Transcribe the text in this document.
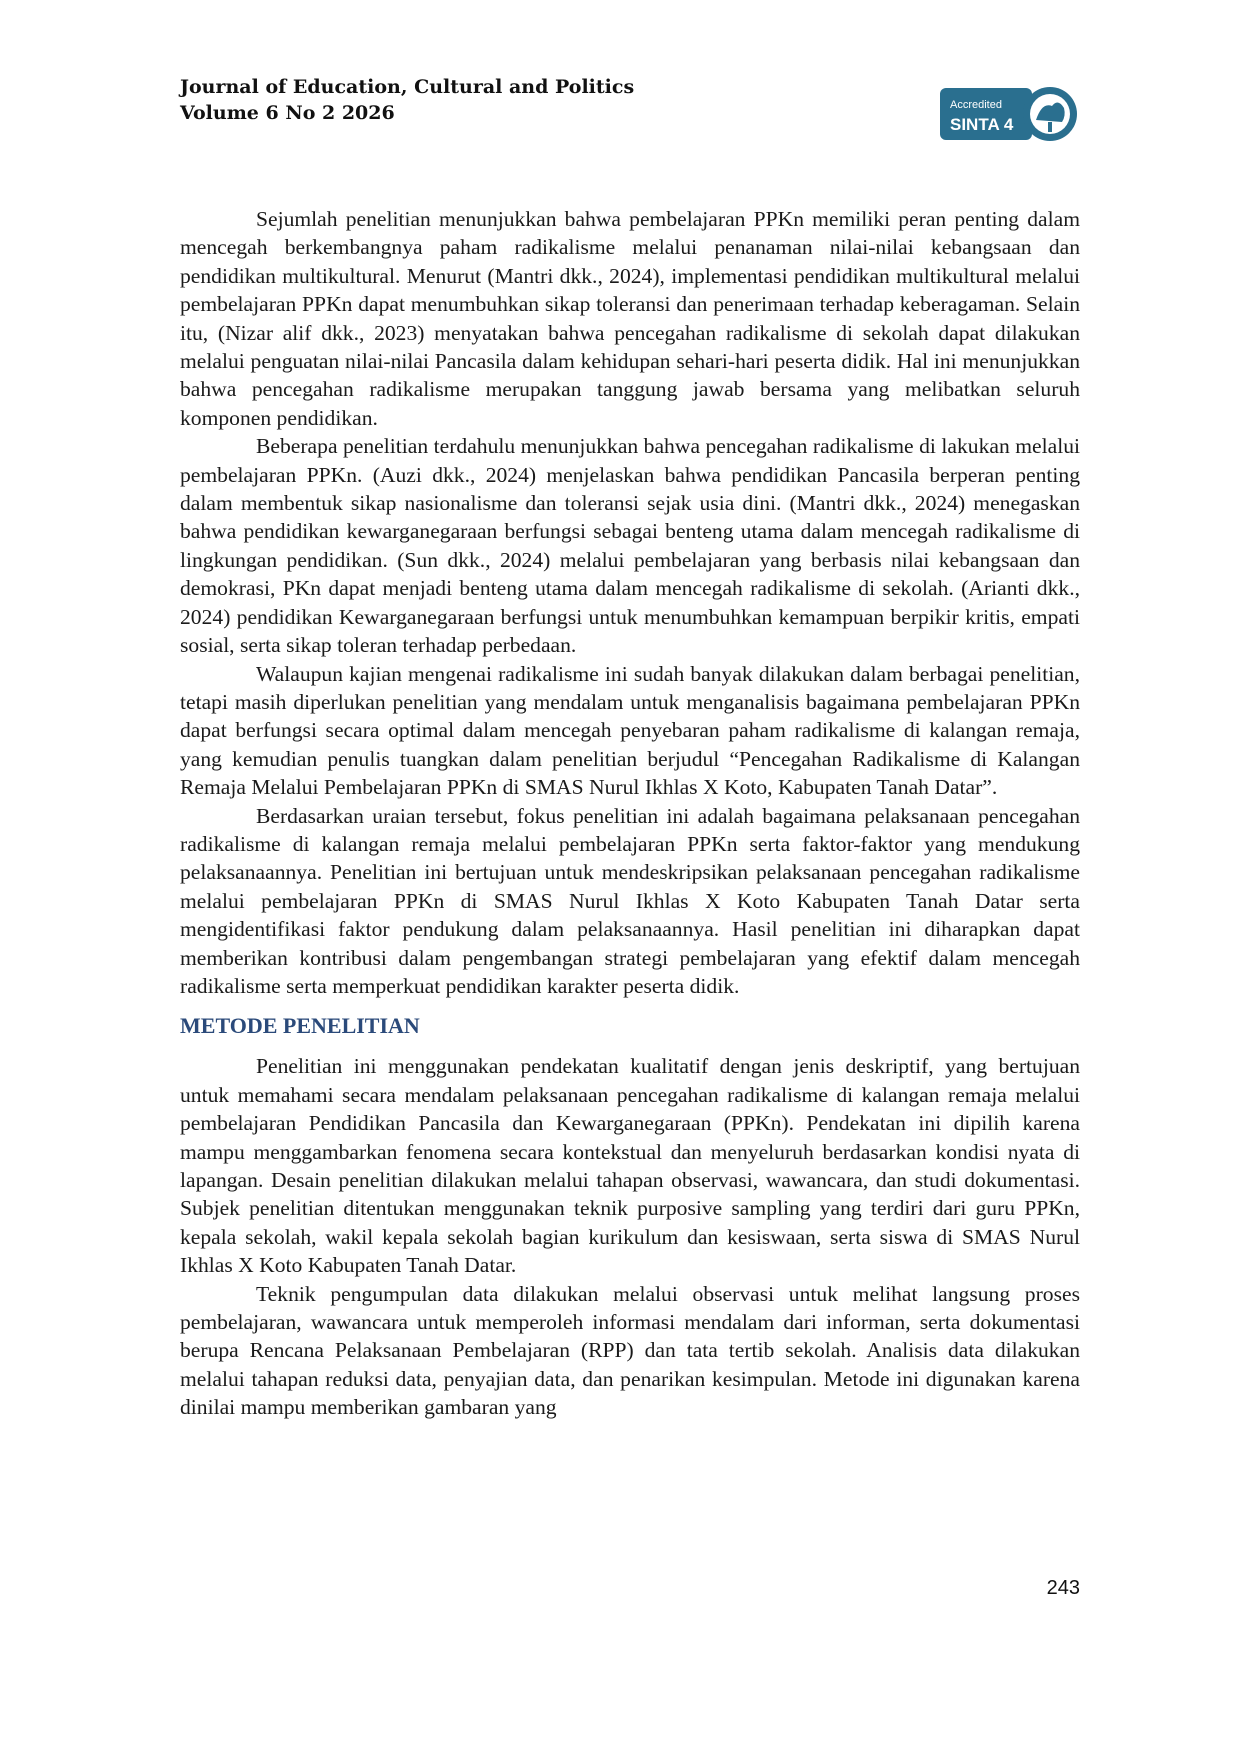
Journal of Education, Cultural and Politics
Volume 6 No 2 2026	Accredited
SINTA 4

Sejumlah penelitian menunjukkan bahwa pembelajaran PPKn memiliki peran penting dalam mencegah berkembangnya paham radikalisme melalui penanaman nilai-nilai kebangsaan dan pendidikan multikultural. Menurut (Mantri dkk., 2024), implementasi pendidikan multikultural melalui pembelajaran PPKn dapat menumbuhkan sikap toleransi dan penerimaan terhadap keberagaman. Selain itu, (Nizar alif dkk., 2023) menyatakan bahwa pencegahan radikalisme di sekolah dapat dilakukan melalui penguatan nilai-nilai Pancasila dalam kehidupan sehari-hari peserta didik. Hal ini menunjukkan bahwa pencegahan radikalisme merupakan tanggung jawab bersama yang melibatkan seluruh komponen pendidikan.

Beberapa penelitian terdahulu menunjukkan bahwa pencegahan radikalisme di lakukan melalui pembelajaran PPKn. (Auzi dkk., 2024) menjelaskan bahwa pendidikan Pancasila berperan penting dalam membentuk sikap nasionalisme dan toleransi sejak usia dini. (Mantri dkk., 2024) menegaskan bahwa pendidikan kewarganegaraan berfungsi sebagai benteng utama dalam mencegah radikalisme di lingkungan pendidikan. (Sun dkk., 2024) melalui pembelajaran yang berbasis nilai kebangsaan dan demokrasi, PKn dapat menjadi benteng utama dalam mencegah radikalisme di sekolah. (Arianti dkk., 2024) pendidikan Kewarganegaraan berfungsi untuk menumbuhkan kemampuan berpikir kritis, empati sosial, serta sikap toleran terhadap perbedaan.

Walaupun kajian mengenai radikalisme ini sudah banyak dilakukan dalam berbagai penelitian, tetapi masih diperlukan penelitian yang mendalam untuk menganalisis bagaimana pembelajaran PPKn dapat berfungsi secara optimal dalam mencegah penyebaran paham radikalisme di kalangan remaja, yang kemudian penulis tuangkan dalam penelitian berjudul “Pencegahan Radikalisme di Kalangan Remaja Melalui Pembelajaran PPKn di SMAS Nurul Ikhlas X Koto, Kabupaten Tanah Datar”.

Berdasarkan uraian tersebut, fokus penelitian ini adalah bagaimana pelaksanaan pencegahan radikalisme di kalangan remaja melalui pembelajaran PPKn serta faktor-faktor yang mendukung pelaksanaannya. Penelitian ini bertujuan untuk mendeskripsikan pelaksanaan pencegahan radikalisme melalui pembelajaran PPKn di SMAS Nurul Ikhlas X Koto Kabupaten Tanah Datar serta mengidentifikasi faktor pendukung dalam pelaksanaannya. Hasil penelitian ini diharapkan dapat memberikan kontribusi dalam pengembangan strategi pembelajaran yang efektif dalam mencegah radikalisme serta memperkuat pendidikan karakter peserta didik.

METODE PENELITIAN

Penelitian ini menggunakan pendekatan kualitatif dengan jenis deskriptif, yang bertujuan untuk memahami secara mendalam pelaksanaan pencegahan radikalisme di kalangan remaja melalui pembelajaran Pendidikan Pancasila dan Kewarganegaraan (PPKn). Pendekatan ini dipilih karena mampu menggambarkan fenomena secara kontekstual dan menyeluruh berdasarkan kondisi nyata di lapangan. Desain penelitian dilakukan melalui tahapan observasi, wawancara, dan studi dokumentasi. Subjek penelitian ditentukan menggunakan teknik purposive sampling yang terdiri dari guru PPKn, kepala sekolah, wakil kepala sekolah bagian kurikulum dan kesiswaan, serta siswa di SMAS Nurul Ikhlas X Koto Kabupaten Tanah Datar.

Teknik pengumpulan data dilakukan melalui observasi untuk melihat langsung proses pembelajaran, wawancara untuk memperoleh informasi mendalam dari informan, serta dokumentasi berupa Rencana Pelaksanaan Pembelajaran (RPP) dan tata tertib sekolah. Analisis data dilakukan melalui tahapan reduksi data, penyajian data, dan penarikan kesimpulan. Metode ini digunakan karena dinilai mampu memberikan gambaran yang

243
